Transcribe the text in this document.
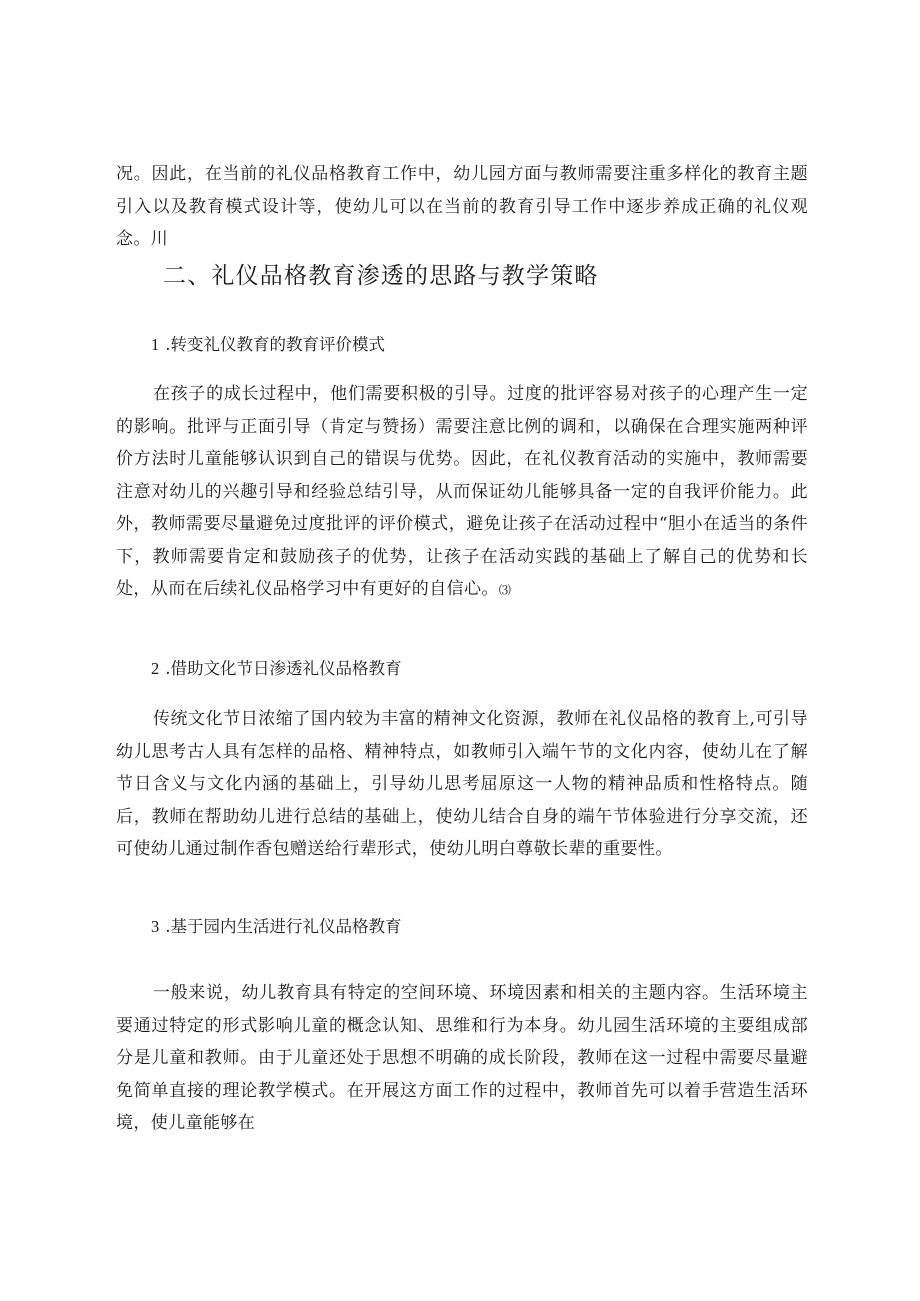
况。因此，在当前的礼仪品格教育工作中，幼儿园方面与教师需要注重多样化的教育主题引入以及教育模式设计等，使幼儿可以在当前的教育引导工作中逐步养成正确的礼仪观念。川

二、礼仪品格教育渗透的思路与教学策略
1 .转变礼仪教育的教育评价模式

在孩子的成长过程中，他们需要积极的引导。过度的批评容易对孩子的心理产生一定的影响。批评与正面引导（肯定与赞扬）需要注意比例的调和，以确保在合理实施两种评价方法时儿童能够认识到自己的错误与优势。因此，在礼仪教育活动的实施中，教师需要注意对幼儿的兴趣引导和经验总结引导，从而保证幼儿能够具备一定的自我评价能力。此外，教师需要尽量避免过度批评的评价模式，避免让孩子在活动过程中“胆小在适当的条件下，教师需要肯定和鼓励孩子的优势，让孩子在活动实践的基础上了解自己的优势和长处，从而在后续礼仪品格学习中有更好的自信心。⑶

2 .借助文化节日渗透礼仪品格教育

传统文化节日浓缩了国内较为丰富的精神文化资源，教师在礼仪品格的教育上,可引导幼儿思考古人具有怎样的品格、精神特点，如教师引入端午节的文化内容，使幼儿在了解节日含义与文化内涵的基础上，引导幼儿思考屈原这一人物的精神品质和性格特点。随后，教师在帮助幼儿进行总结的基础上，使幼儿结合自身的端午节体验进行分享交流，还可使幼儿通过制作香包赠送给行辈形式，使幼儿明白尊敬长辈的重要性。

3 .基于园内生活进行礼仪品格教育

一般来说，幼儿教育具有特定的空间环境、环境因素和相关的主题内容。生活环境主要通过特定的形式影响儿童的概念认知、思维和行为本身。幼儿园生活环境的主要组成部分是儿童和教师。由于儿童还处于思想不明确的成长阶段，教师在这一过程中需要尽量避免简单直接的理论教学模式。在开展这方面工作的过程中，教师首先可以着手营造生活环境，使儿童能够在
